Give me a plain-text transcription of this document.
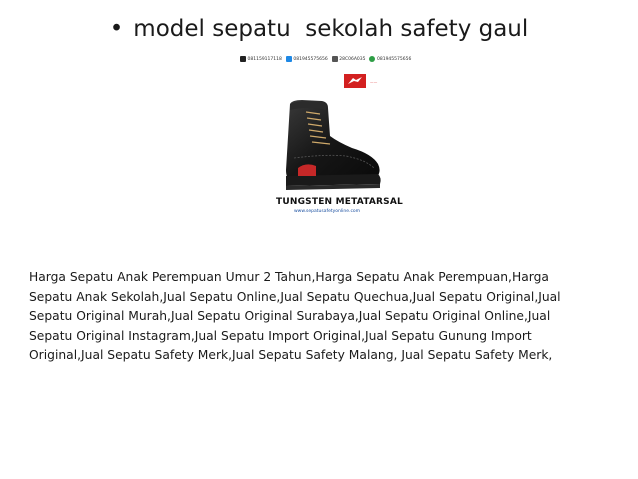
• model sepatu  sekolah safety gaul
081159117118	081945575656	28C06A035	081945575656
——
TUNGSTEN METATARSAL
www.sepatusafetyonline.com
Harga Sepatu Anak Perempuan Umur 2 Tahun,Harga Sepatu Anak Perempuan,Harga
Sepatu Anak Sekolah,Jual Sepatu Online,Jual Sepatu Quechua,Jual Sepatu Original,Jual
Sepatu Original Murah,Jual Sepatu Original Surabaya,Jual Sepatu Original Online,Jual
Sepatu Original Instagram,Jual Sepatu Import Original,Jual Sepatu Gunung Import
Original,Jual Sepatu Safety Merk,Jual Sepatu Safety Malang, Jual Sepatu Safety Merk,
